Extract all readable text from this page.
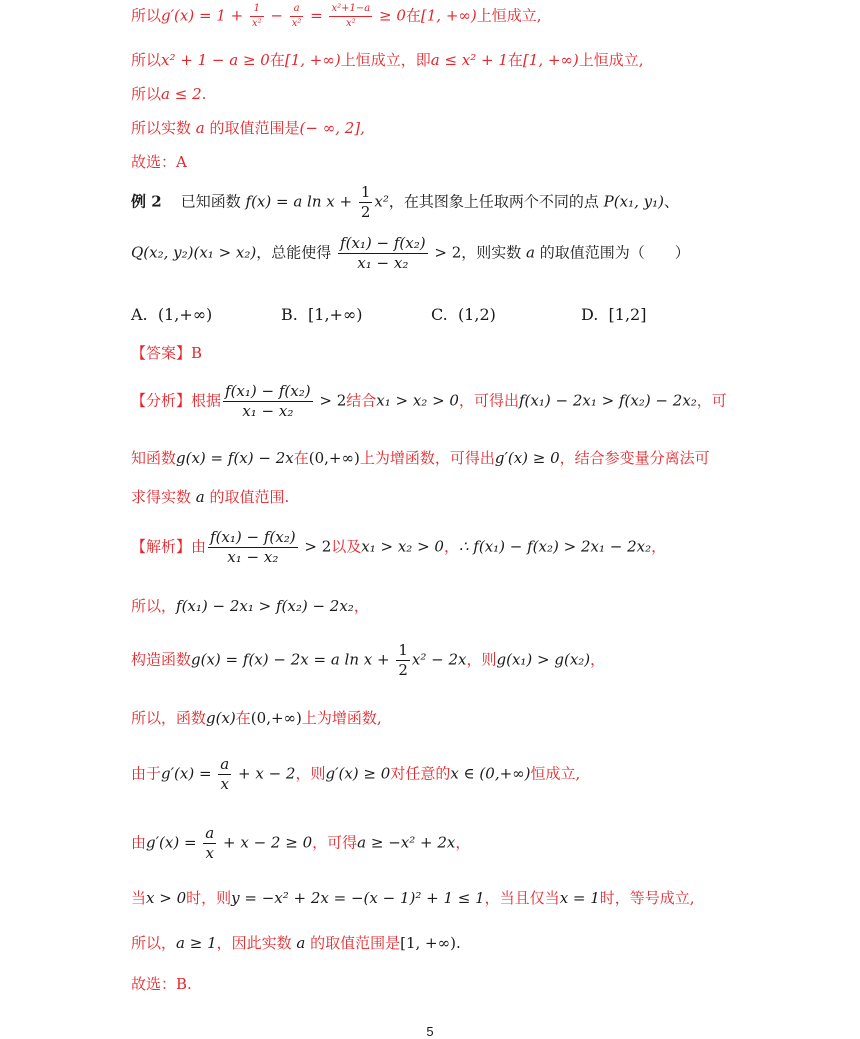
所以$g'(x) = 1 + \frac{1}{\text{x²}} - \frac{a}{\text{x²}} = \frac{\text{x²+1−a}}{\text{x²}} \ge 0$在[1, +∞)上恒成立,
所以x² + 1 − a ≥ 0在[1, +∞)上恒成立，即a ≤ x² + 1在[1, +∞)上恒成立,
所以a ≤ 2.
所以实数 a 的取值范围是(− ∞, 2],
故选：A
例 2 已知函数 f(x) = a $\ln x + \frac{1}{2} x^2$，在其图象上任取两个不同的点 P(x₁, y₁)、
Q(x₂, y₂)(x₁ > x₂)，总能使得 $\frac{\text{f(x₁) − f(x₂)}}{\text{x₁ − x₂}} > 2$，则实数 a 的取值范围为（　　）
A. (1,+∞)	B. [1,+∞)	C. (1,2)	D. [1,2]
【答案】B
【分析】根据 $\frac{\text{f(x₁) − f(x₂)}}{\text{x₁ − x₂}} > 2$结合x₁ > x₂ > 0，可得出f(x₁) − 2x₁ > f(x₂) − 2x₂，可
知函数g(x) = f(x) − 2x在(0,+∞)上为增函数，可得出g′(x) ≥ 0，结合参变量分离法可
求得实数 a 的取值范围.
【解析】由 $\frac{\text{f(x₁) − f(x₂)}}{\text{x₁ − x₂}} > 2$以及x₁ > x₂ > 0，∴ f(x₁) − f(x₂) > 2x₁ − 2x₂，
所以，f(x₁) − 2x₁ > f(x₂) − 2x₂，
构造函数g(x) = f(x) − 2x = a $\ln x + \frac{1}{2} x^2 - 2x$，则g(x₁) > g(x₂)，
所以，函数g(x)在(0,+∞)上为增函数,
由于$g'(x) = \frac{a}{x} + x - 2$，则g′(x) ≥ 0对任意的x ∈ (0,+∞)恒成立,
由$g'(x) = \frac{a}{x} + x - 2 \ge 0$，可得a ≥ −x² + 2x，
当x > 0时，则y = −x² + 2x = −(x − 1)² + 1 ≤ 1，当且仅当x = 1时，等号成立,
所以，a ≥ 1，因此实数 a 的取值范围是[1, +∞).
故选：B.
5
